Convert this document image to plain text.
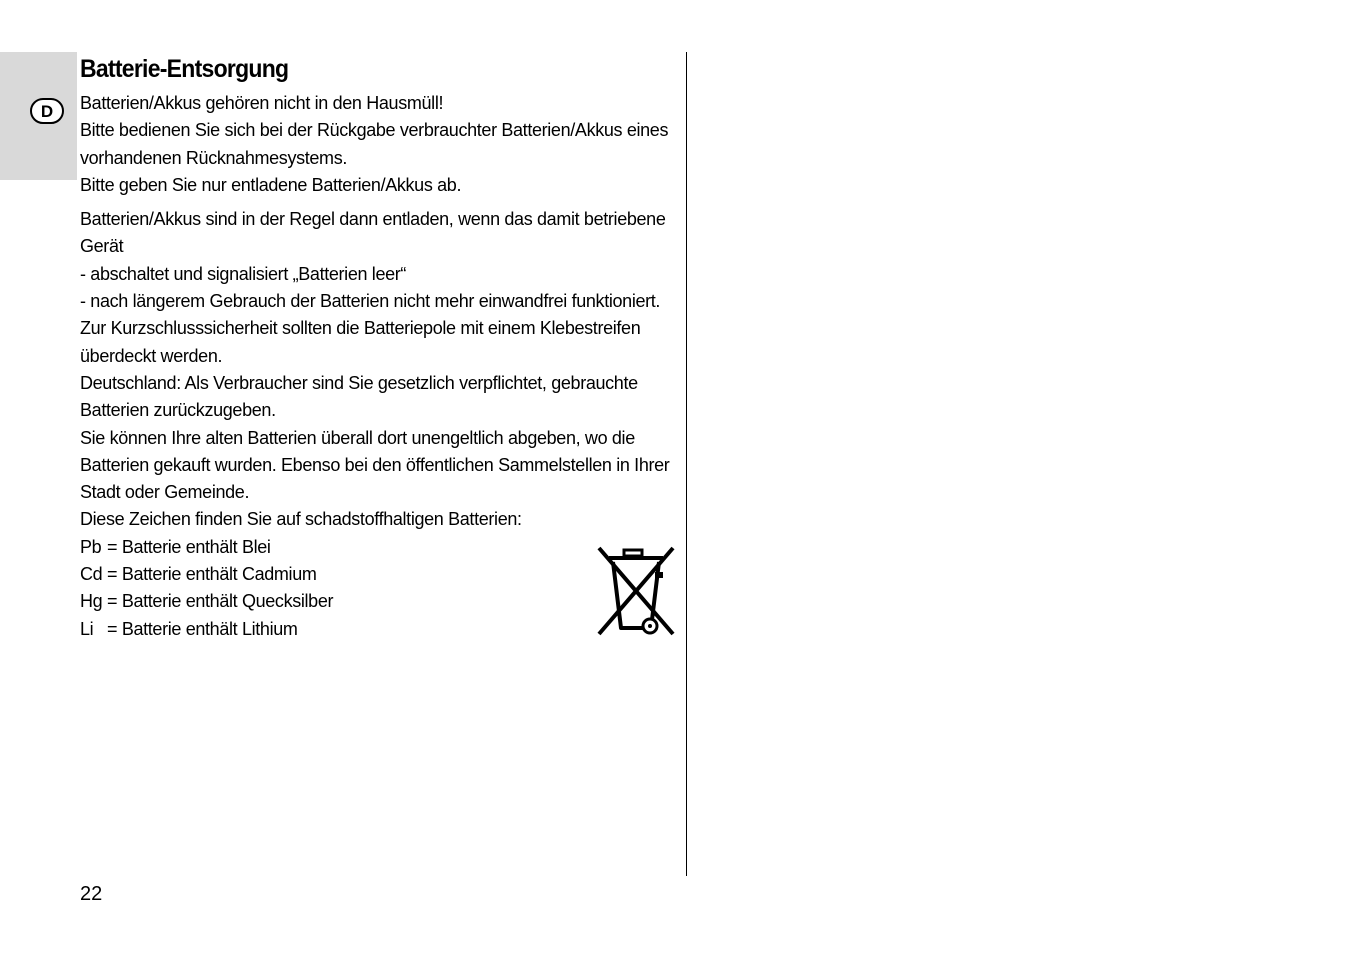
D
Batterie-Entsorgung

Batterien/Akkus gehören nicht in den Hausmüll!
Bitte bedienen Sie sich bei der Rückgabe verbrauchter Batterien/Akkus eines
vorhandenen Rücknahmesystems.
Bitte geben Sie nur entladene Batterien/Akkus ab.

Batterien/Akkus sind in der Regel dann entladen, wenn das damit betriebene
Gerät
- abschaltet und signalisiert „Batterien leer“
- nach längerem Gebrauch der Batterien nicht mehr einwandfrei funktioniert.
Zur Kurzschlusssicherheit sollten die Batteriepole mit einem Klebestreifen
überdeckt werden.
Deutschland: Als Verbraucher sind Sie gesetzlich verpflichtet, gebrauchte
Batterien zurückzugeben.
Sie können Ihre alten Batterien überall dort unengeltlich abgeben, wo die
Batterien gekauft wurden. Ebenso bei den öffentlichen Sammelstellen in Ihrer
Stadt oder Gemeinde.
Diese Zeichen finden Sie auf schadstoffhaltigen Batterien:

Pb = Batterie enthält Blei
Cd = Batterie enthält Cadmium
Hg = Batterie enthält Quecksilber
Li = Batterie enthält Lithium
22
